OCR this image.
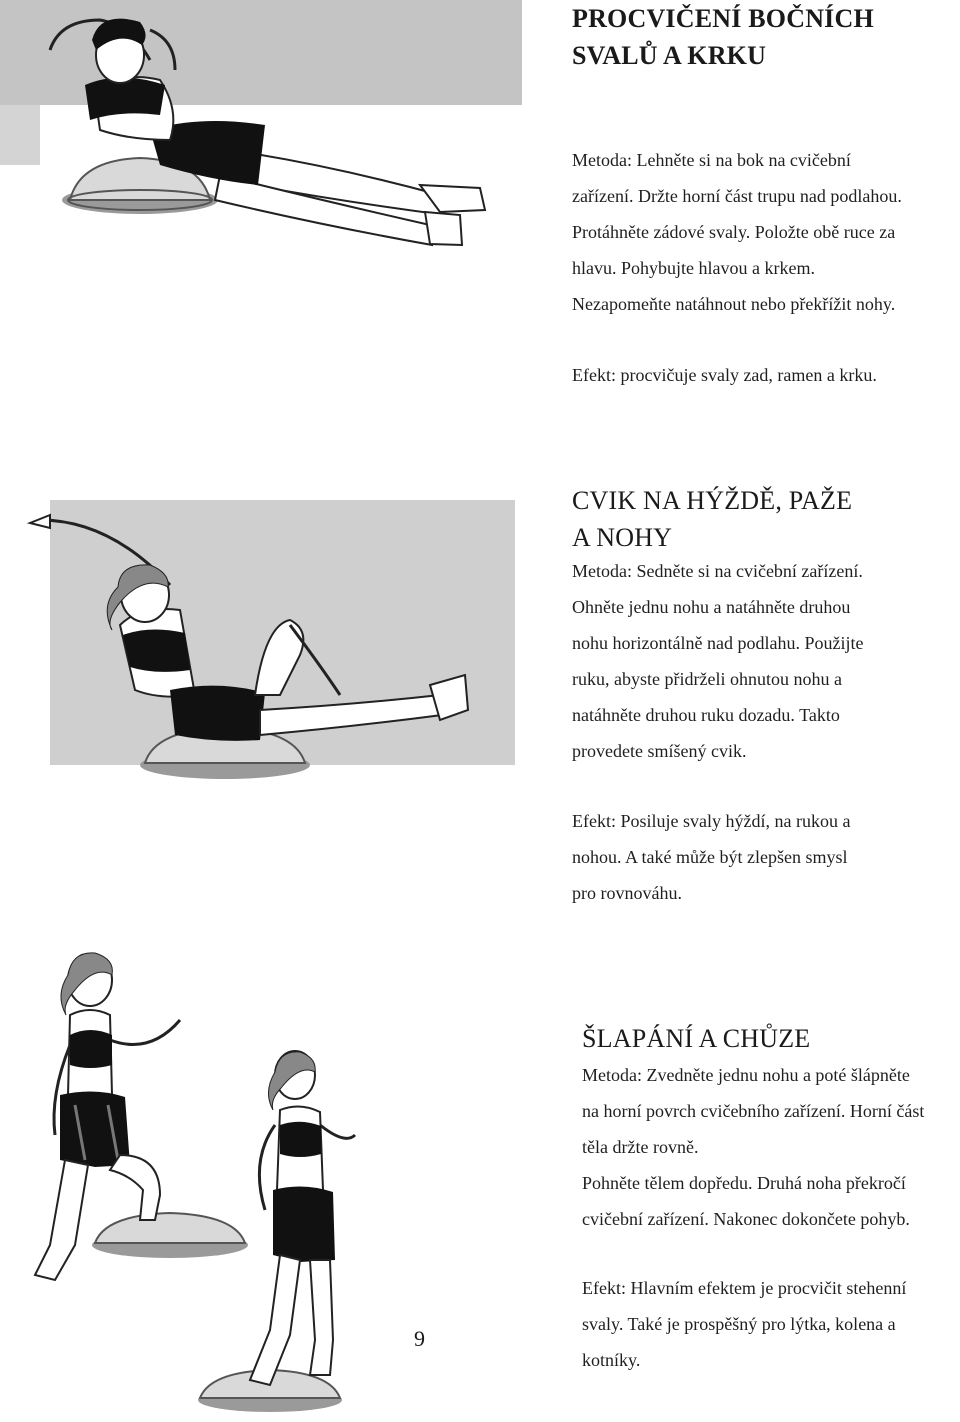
PROCVIČENÍ BOČNÍCH
SVALŮ A KRKU
Metoda: Lehněte si na bok na cvičební
zařízení. Držte horní část trupu nad podlahou.
Protáhněte zádové svaly. Položte obě ruce za
hlavu. Pohybujte hlavou a krkem.
Nezapomeňte natáhnout nebo překřížit nohy.
Efekt: procvičuje svaly zad, ramen a krku.
CVIK NA HÝŽDĚ, PAŽE
A NOHY
Metoda: Sedněte si na cvičební zařízení.
Ohněte jednu nohu a natáhněte druhou
nohu horizontálně nad podlahu. Použijte
ruku, abyste přidrželi ohnutou nohu a
natáhněte druhou ruku dozadu. Takto
provedete smíšený cvik.
Efekt: Posiluje svaly hýždí, na rukou a
nohou. A také může být zlepšen smysl
pro rovnováhu.
ŠLAPÁNÍ A CHŮZE
Metoda: Zvedněte jednu nohu a poté šlápněte
na horní povrch cvičebního zařízení. Horní část
těla držte rovně.
Pohněte tělem dopředu. Druhá noha překročí
cvičební zařízení. Nakonec dokončete pohyb.
Efekt: Hlavním efektem je procvičit stehenní
svaly. Také je prospěšný pro lýtka, kolena a
kotníky.
9
